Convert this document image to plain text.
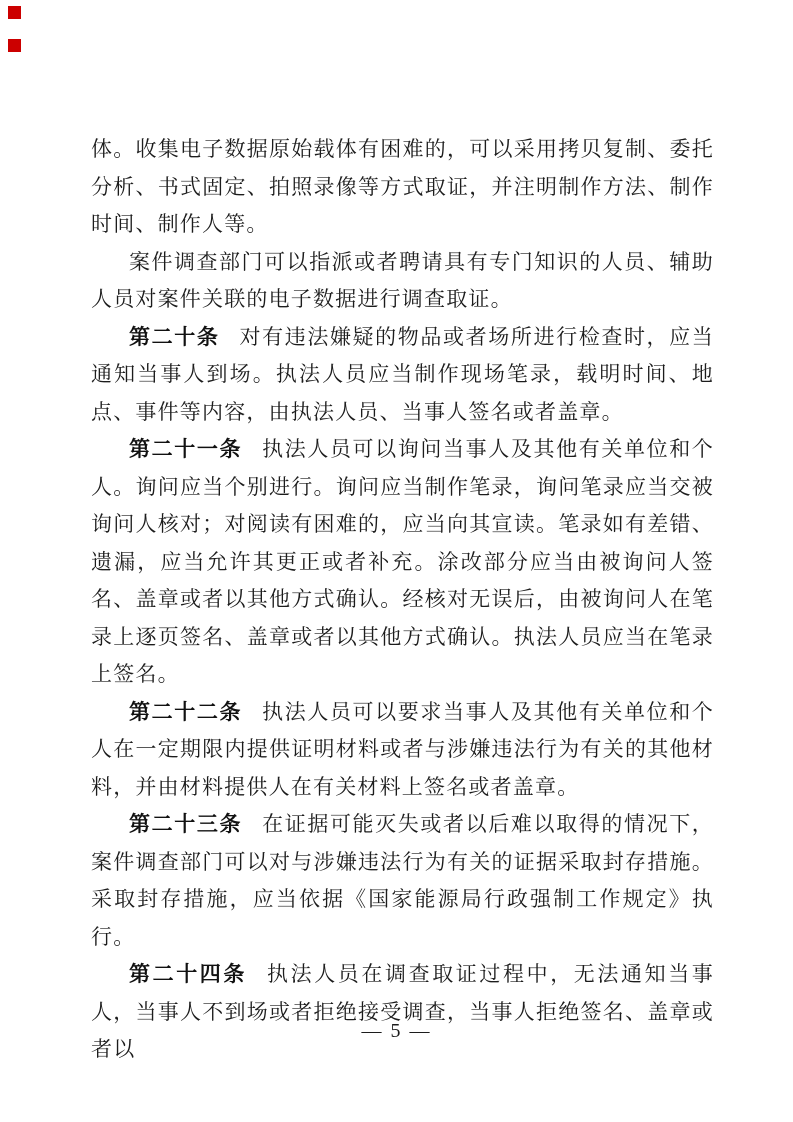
体。收集电子数据原始载体有困难的，可以采用拷贝复制、委托分析、书式固定、拍照录像等方式取证，并注明制作方法、制作时间、制作人等。

案件调查部门可以指派或者聘请具有专门知识的人员、辅助人员对案件关联的电子数据进行调查取证。

第二十条 对有违法嫌疑的物品或者场所进行检查时，应当通知当事人到场。执法人员应当制作现场笔录，载明时间、地点、事件等内容，由执法人员、当事人签名或者盖章。

第二十一条 执法人员可以询问当事人及其他有关单位和个人。询问应当个别进行。询问应当制作笔录，询问笔录应当交被询问人核对；对阅读有困难的，应当向其宣读。笔录如有差错、遗漏，应当允许其更正或者补充。涂改部分应当由被询问人签名、盖章或者以其他方式确认。经核对无误后，由被询问人在笔录上逐页签名、盖章或者以其他方式确认。执法人员应当在笔录上签名。

第二十二条 执法人员可以要求当事人及其他有关单位和个人在一定期限内提供证明材料或者与涉嫌违法行为有关的其他材料，并由材料提供人在有关材料上签名或者盖章。

第二十三条 在证据可能灭失或者以后难以取得的情况下，案件调查部门可以对与涉嫌违法行为有关的证据采取封存措施。采取封存措施，应当依据《国家能源局行政强制工作规定》执行。

第二十四条 执法人员在调查取证过程中，无法通知当事人，当事人不到场或者拒绝接受调查，当事人拒绝签名、盖章或者以

— 5 —
